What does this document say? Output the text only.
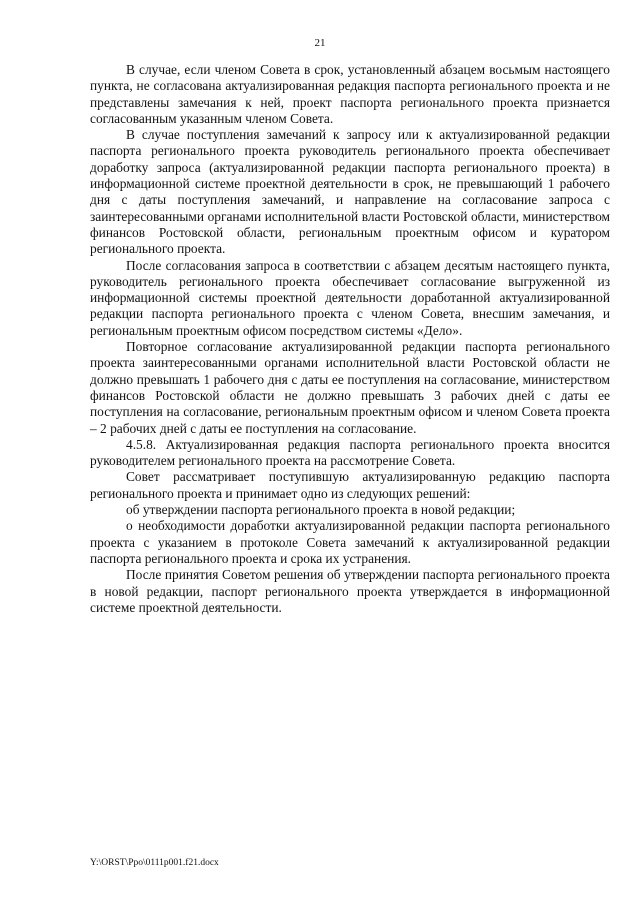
21

В случае, если членом Совета в срок, установленный абзацем восьмым настоящего пункта, не согласована актуализированная редакция паспорта регионального проекта и не представлены замечания к ней, проект паспорта регионального проекта признается согласованным указанным членом Совета.

В случае поступления замечаний к запросу или к актуализированной редакции паспорта регионального проекта руководитель регионального проекта обеспечивает доработку запроса (актуализированной редакции паспорта регионального проекта) в информационной системе проектной деятельности в срок, не превышающий 1 рабочего дня с даты поступления замечаний, и направление на согласование запроса с заинтересованными органами исполнительной власти Ростовской области, министерством финансов Ростовской области, региональным проектным офисом и куратором регионального проекта.

После согласования запроса в соответствии с абзацем десятым настоящего пункта, руководитель регионального проекта обеспечивает согласование выгруженной из информационной системы проектной деятельности доработанной актуализированной редакции паспорта регионального проекта с членом Совета, внесшим замечания, и региональным проектным офисом посредством системы «Дело».

Повторное согласование актуализированной редакции паспорта регионального проекта заинтересованными органами исполнительной власти Ростовской области не должно превышать 1 рабочего дня с даты ее поступления на согласование, министерством финансов Ростовской области не должно превышать 3 рабочих дней с даты ее поступления на согласование, региональным проектным офисом и членом Совета проекта – 2 рабочих дней с даты ее поступления на согласование.

4.5.8. Актуализированная редакция паспорта регионального проекта вносится руководителем регионального проекта на рассмотрение Совета.

Совет рассматривает поступившую актуализированную редакцию паспорта регионального проекта и принимает одно из следующих решений:

об утверждении паспорта регионального проекта в новой редакции;

о необходимости доработки актуализированной редакции паспорта регионального проекта с указанием в протоколе Совета замечаний к актуализированной редакции паспорта регионального проекта и срока их устранения.

После принятия Советом решения об утверждении паспорта регионального проекта в новой редакции, паспорт регионального проекта утверждается в информационной системе проектной деятельности.

Y:\ORST\Ppo\0111p001.f21.docx
